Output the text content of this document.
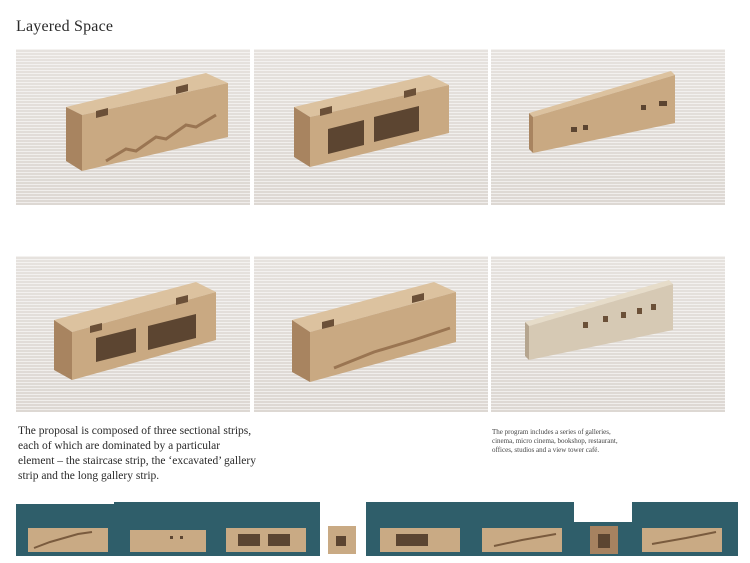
Layered Space
The proposal is composed of three sectional strips, each of which are dominated by a particular element – the staircase strip, the ‘excavated’ gallery strip and the long gallery strip.
The program includes a series of galleries, cinema, micro cinema, bookshop, restaurant, offices, studios and a view tower café.
